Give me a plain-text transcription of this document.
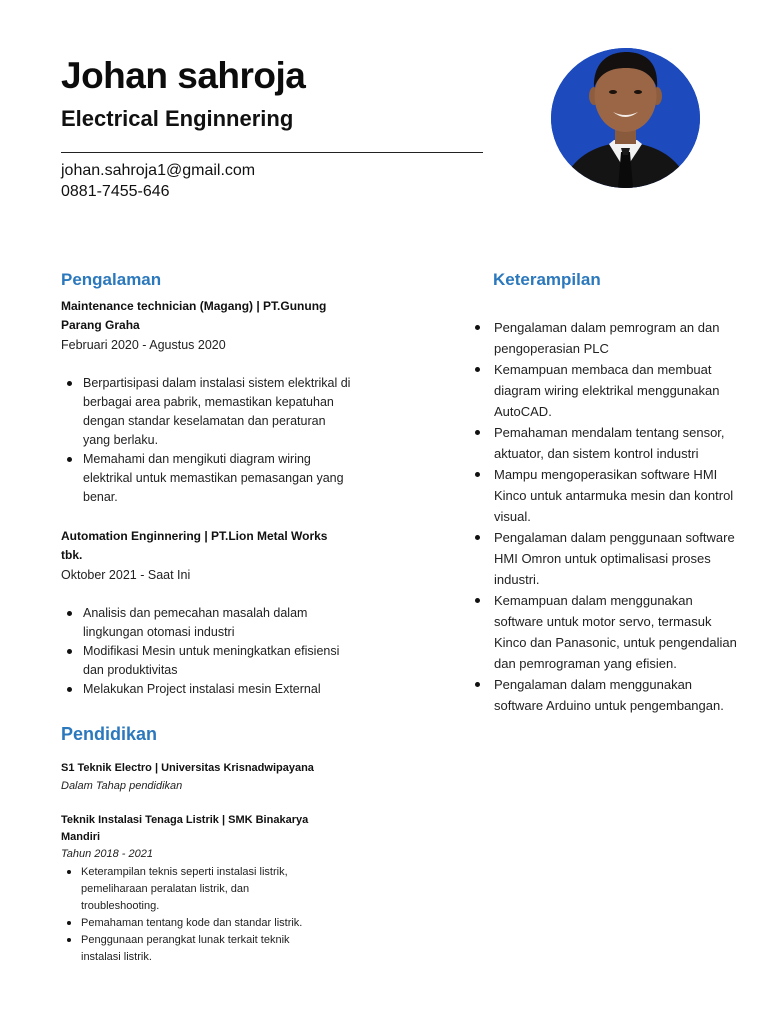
Johan sahroja
Electrical Enginnering
johan.sahroja1@gmail.com
0881-7455-646
Pengalaman
Maintenance technician (Magang) | PT.Gunung Parang Graha
Februari 2020 - Agustus 2020
Berpartisipasi dalam instalasi sistem elektrikal di berbagai area pabrik, memastikan kepatuhan dengan standar keselamatan dan peraturan yang berlaku.
Memahami dan mengikuti diagram wiring elektrikal untuk memastikan pemasangan yang benar.
Automation Enginnering | PT.Lion Metal Works tbk.
Oktober 2021 - Saat Ini
Analisis dan pemecahan masalah dalam lingkungan otomasi industri
Modifikasi Mesin untuk meningkatkan efisiensi dan produktivitas
Melakukan Project instalasi mesin External
Pendidikan
S1 Teknik Electro | Universitas Krisnadwipayana
Dalam Tahap pendidikan
Teknik Instalasi Tenaga Listrik | SMK Binakarya Mandiri
Tahun 2018 - 2021
Keterampilan teknis seperti instalasi listrik, pemeliharaan peralatan listrik, dan troubleshooting.
Pemahaman tentang kode dan standar listrik.
Penggunaan perangkat lunak terkait teknik instalasi listrik.
Keterampilan
Pengalaman dalam pemrogram an dan pengoperasian PLC
Kemampuan membaca dan membuat diagram wiring elektrikal menggunakan AutoCAD.
Pemahaman mendalam tentang sensor, aktuator, dan sistem kontrol industri
Mampu mengoperasikan software HMI Kinco untuk antarmuka mesin dan kontrol visual.
Pengalaman dalam penggunaan software HMI Omron untuk optimalisasi proses industri.
Kemampuan dalam menggunakan software untuk motor servo, termasuk Kinco dan Panasonic, untuk pengendalian dan pemrograman yang efisien.
Pengalaman dalam menggunakan software Arduino untuk pengembangan.
